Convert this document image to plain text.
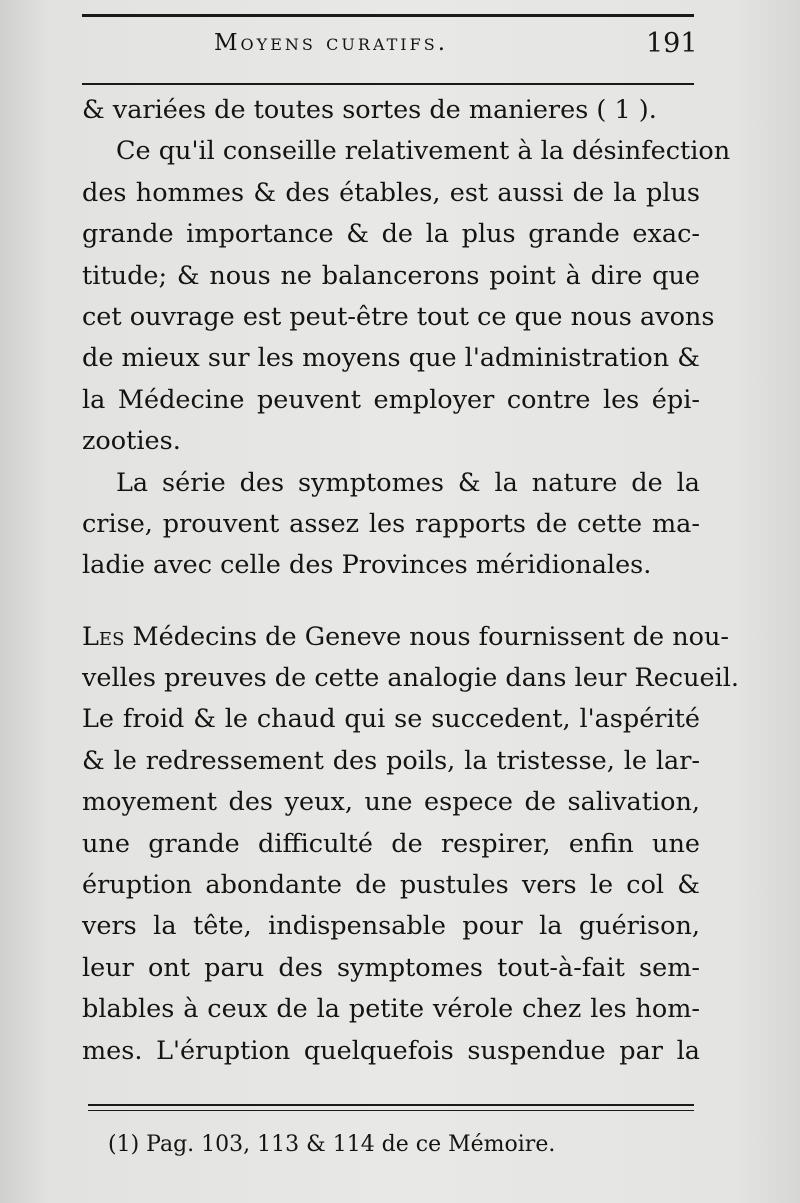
Moyens curatifs.	191
& variées de toutes sortes de manieres ( 1 ).
Ce qu'il conseille relativement à la désinfection
des hommes & des étables, est aussi de la plus
grande importance & de la plus grande exac-
titude; & nous ne balancerons point à dire que
cet ouvrage est peut-être tout ce que nous avons
de mieux sur les moyens que l'administration &
la Médecine peuvent employer contre les épi-
zooties.
La série des symptomes & la nature de la
crise, prouvent assez les rapports de cette ma-
ladie avec celle des Provinces méridionales.
Les Médecins de Geneve nous fournissent de nou-
velles preuves de cette analogie dans leur Recueil.
Le froid & le chaud qui se succedent, l'aspérité
& le redressement des poils, la tristesse, le lar-
moyement des yeux, une espece de salivation,
une grande difficulté de respirer, enfin une
éruption abondante de pustules vers le col &
vers la tête, indispensable pour la guérison,
leur ont paru des symptomes tout-à-fait sem-
blables à ceux de la petite vérole chez les hom-
mes. L'éruption quelquefois suspendue par la
(1) Pag. 103, 113 & 114 de ce Mémoire.
